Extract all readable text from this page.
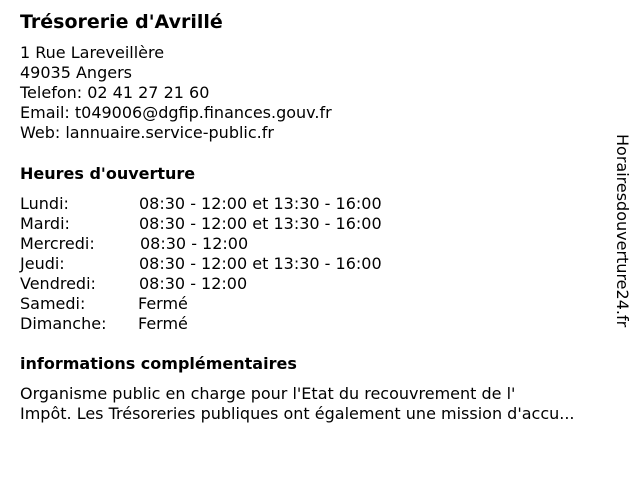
Trésorerie d'Avrillé
1 Rue Lareveillère
49035 Angers
Telefon: 02 41 27 21 60
Email: t049006@dgfip.finances.gouv.fr
Web: lannuaire.service-public.fr
Heures d'ouverture
Lundi:	08:30 - 12:00 et 13:30 - 16:00
Mardi:	08:30 - 12:00 et 13:30 - 16:00
Mercredi:	08:30 - 12:00
Jeudi:	08:30 - 12:00 et 13:30 - 16:00
Vendredi:	08:30 - 12:00
Samedi:	Fermé
Dimanche: Fermé
informations complémentaires
Organisme public en charge pour l'Etat du recouvrement de l'
Impôt. Les Trésoreries publiques ont également une mission d'accu...
Horairesdouverture24.fr
